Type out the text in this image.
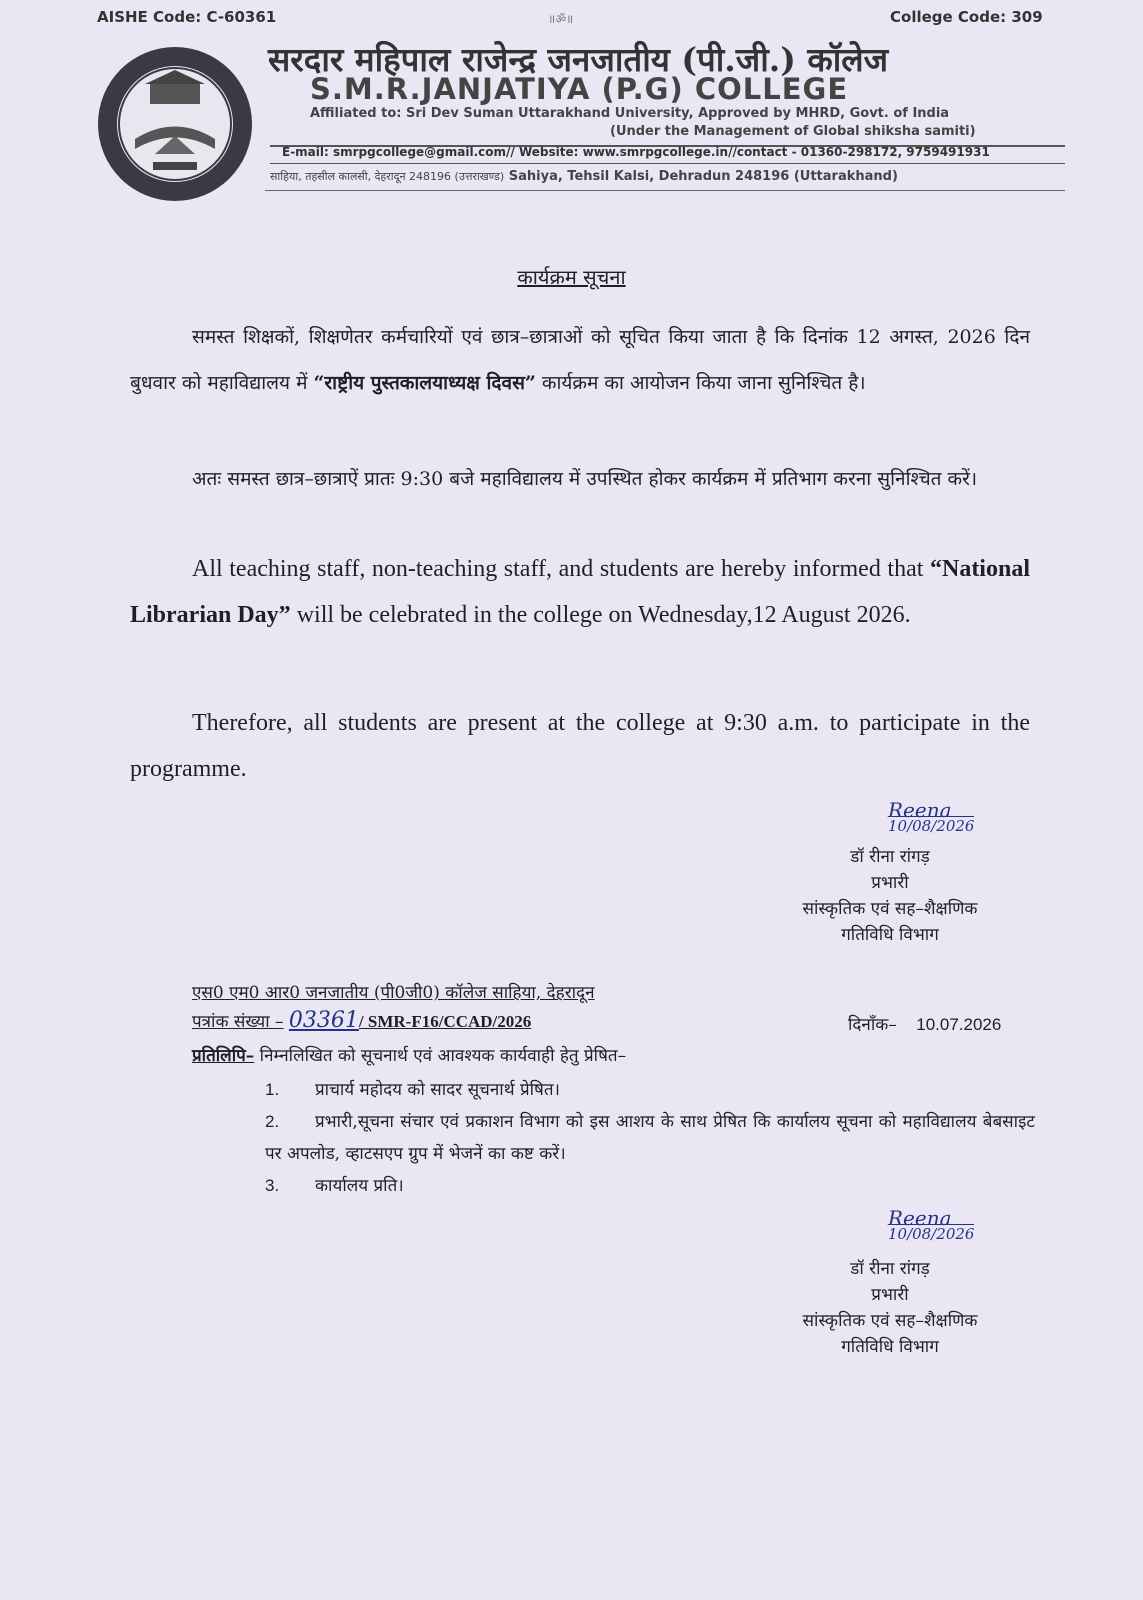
AISHE Code: C-60361	॥ॐ॥	College Code: 309
सरदार महिपाल राजेन्द्र जनजातीय (पी.जी.) कॉलेज
S.M.R.JANJATIYA (P.G) COLLEGE
Affiliated to: Sri Dev Suman Uttarakhand University, Approved by MHRD, Govt. of India
(Under the Management of Global shiksha samiti)
E-mail: smrpgcollege@gmail.com// Website: www.smrpgcollege.in//contact - 01360-298172, 9759491931
साहिया, तहसील कालसी, देहरादून 248196 (उत्तराखण्ड) Sahiya, Tehsil Kalsi, Dehradun 248196 (Uttarakhand)
कार्यक्रम सूचना
समस्त शिक्षकों, शिक्षणेतर कर्मचारियों एवं छात्र–छात्राओं को सूचित किया जाता है कि दिनांक 12 अगस्त, 2026 दिन बुधवार को महाविद्यालय में “राष्ट्रीय पुस्तकालयाध्यक्ष दिवस” कार्यक्रम का आयोजन किया जाना सुनिश्चित है।
अतः समस्त छात्र–छात्राऐं प्रातः 9:30 बजे महाविद्यालय में उपस्थित होकर कार्यक्रम में प्रतिभाग करना सुनिश्चित करें।
All teaching staff, non-teaching staff, and students are hereby informed that “National Librarian Day” will be celebrated in the college on Wednesday,12 August 2026.
Therefore, all students are present at the college at 9:30 a.m. to participate in the programme.
Reena
10/08/2026
डॉ रीना रांगड़
प्रभारी
सांस्कृतिक एवं सह–शैक्षणिक
गतिविधि विभाग
एस0 एम0 आर0 जनजातीय (पी0जी0) कॉलेज साहिया, देहरादून
पत्रांक संख्या – 03361/ SMR-F16/CCAD/2026	दिनाँक– 10.07.2026
प्रतिलिपि– निम्नलिखित को सूचनार्थ एवं आवश्यक कार्यवाही हेतु प्रेषित–
1. प्राचार्य महोदय को सादर सूचनार्थ प्रेषित।
2. प्रभारी,सूचना संचार एवं प्रकाशन विभाग को इस आशय के साथ प्रेषित कि कार्यालय सूचना को महाविद्यालय बेबसाइट पर अपलोड, व्हाटसएप ग्रुप में भेजनें का कष्ट करें।
3. कार्यालय प्रति।
Reena
10/08/2026
डॉ रीना रांगड़
प्रभारी
सांस्कृतिक एवं सह–शैक्षणिक
गतिविधि विभाग
